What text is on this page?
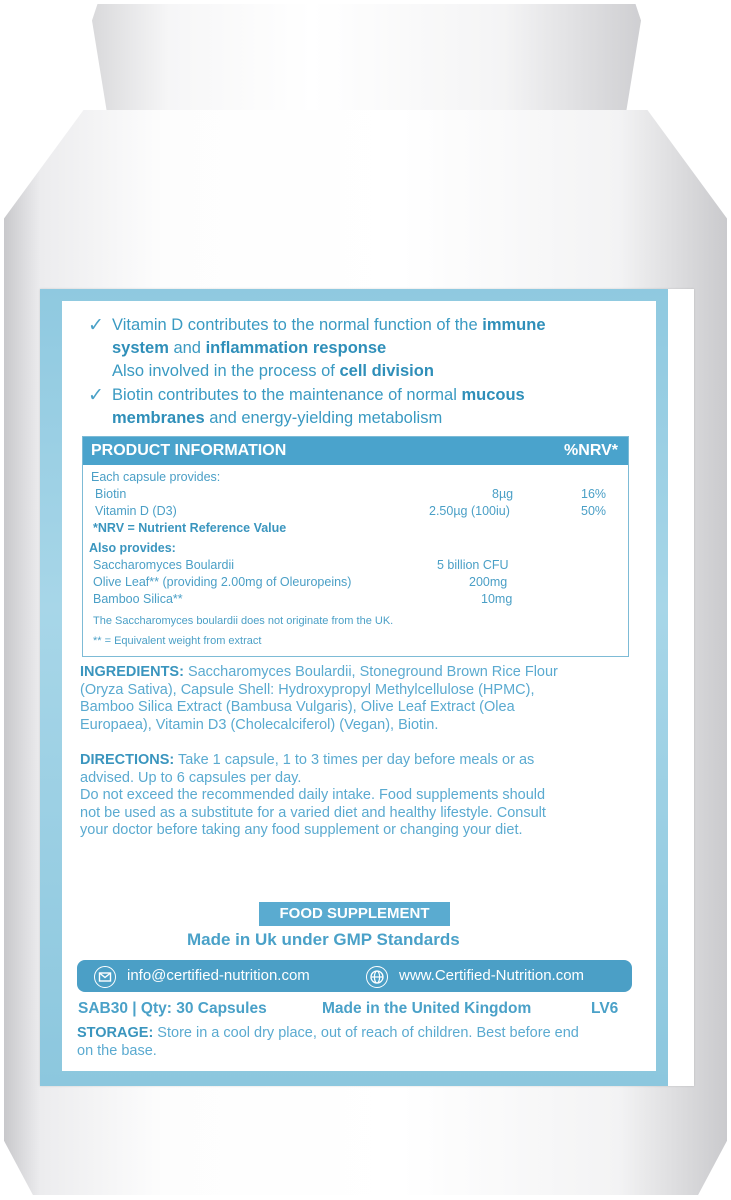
✓ Vitamin D contributes to the normal function of the immune
system and inflammation response
Also involved in the process of cell division
✓ Biotin contributes to the maintenance of normal mucous
membranes and energy-yielding metabolism
PRODUCT INFORMATION	%NRV*
Each capsule provides:
Biotin	8µg	16%
Vitamin D (D3)	2.50µg (100iu)	50%
*NRV = Nutrient Reference Value
Also provides:
Saccharomyces Boulardii	5 billion CFU
Olive Leaf** (providing 2.00mg of Oleuropeins)	200mg
Bamboo Silica**	10mg
The Saccharomyces boulardii does not originate from the UK.
** = Equivalent weight from extract
INGREDIENTS: Saccharomyces Boulardii, Stoneground Brown Rice Flour
(Oryza Sativa), Capsule Shell: Hydroxypropyl Methylcellulose (HPMC),
Bamboo Silica Extract (Bambusa Vulgaris), Olive Leaf Extract (Olea
Europaea), Vitamin D3 (Cholecalciferol) (Vegan), Biotin.
DIRECTIONS: Take 1 capsule, 1 to 3 times per day before meals or as
advised. Up to 6 capsules per day.
Do not exceed the recommended daily intake. Food supplements should
not be used as a substitute for a varied diet and healthy lifestyle. Consult
your doctor before taking any food supplement or changing your diet.
FOOD SUPPLEMENT
Made in Uk under GMP Standards
info@certified-nutrition.com	www.Certified-Nutrition.com
SAB30 | Qty: 30 Capsules	Made in the United Kingdom	LV6
STORAGE: Store in a cool dry place, out of reach of children. Best before end
on the base.
